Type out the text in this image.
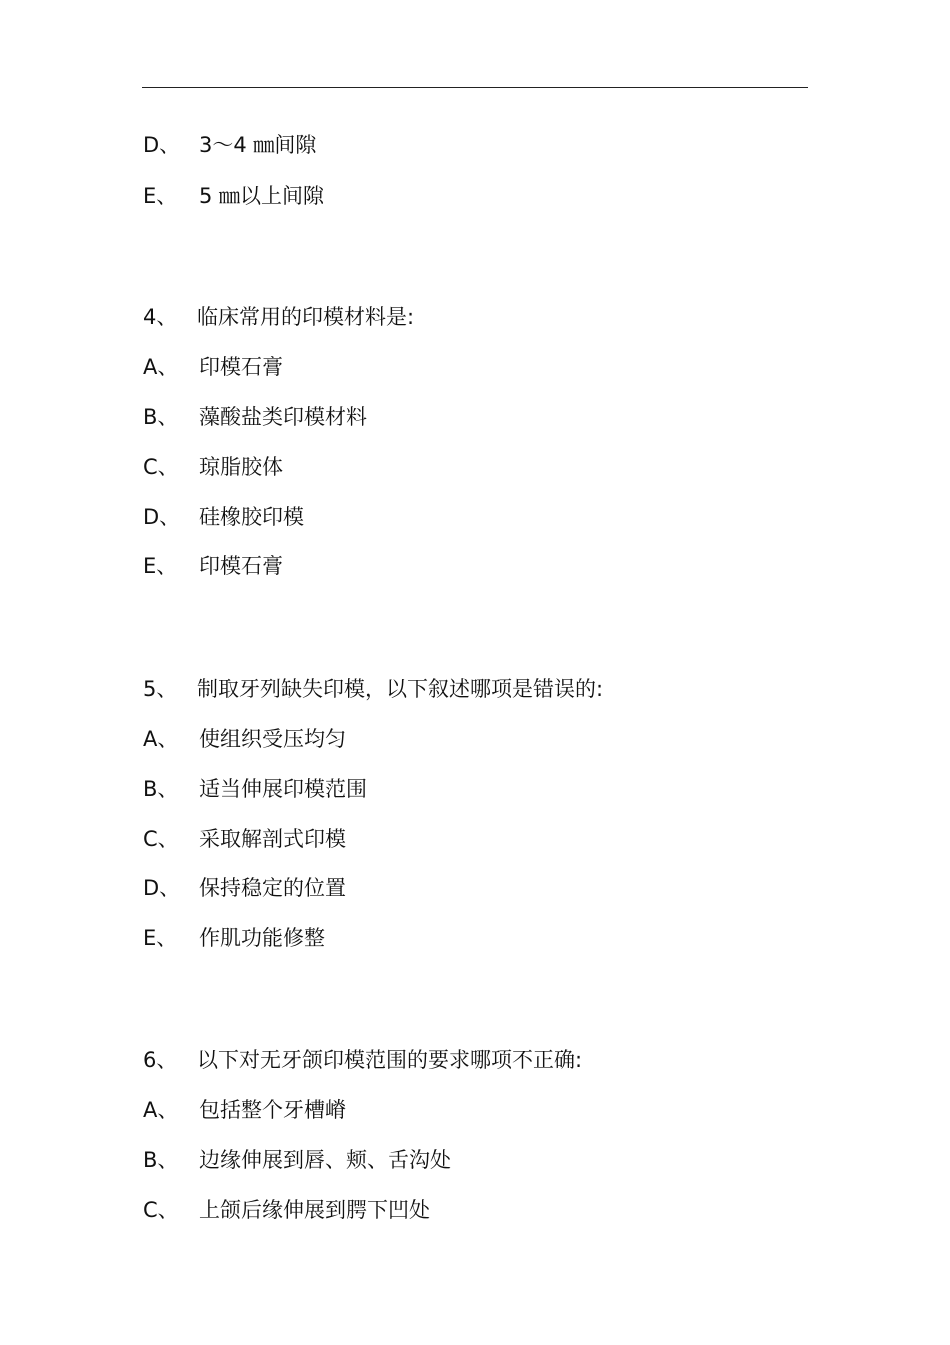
D、 3～4 ㎜间隙
E、 5 ㎜以上间隙
4、 临床常用的印模材料是:
A、 印模石膏
B、 藻酸盐类印模材料
C、 琼脂胶体
D、 硅橡胶印模
E、 印模石膏
5、 制取牙列缺失印模，以下叙述哪项是错误的:
A、 使组织受压均匀
B、 适当伸展印模范围
C、 采取解剖式印模
D、 保持稳定的位置
E、 作肌功能修整
6、 以下对无牙颌印模范围的要求哪项不正确:
A、 包括整个牙槽嵴
B、 边缘伸展到唇、颊、舌沟处
C、 上颌后缘伸展到腭下凹处
